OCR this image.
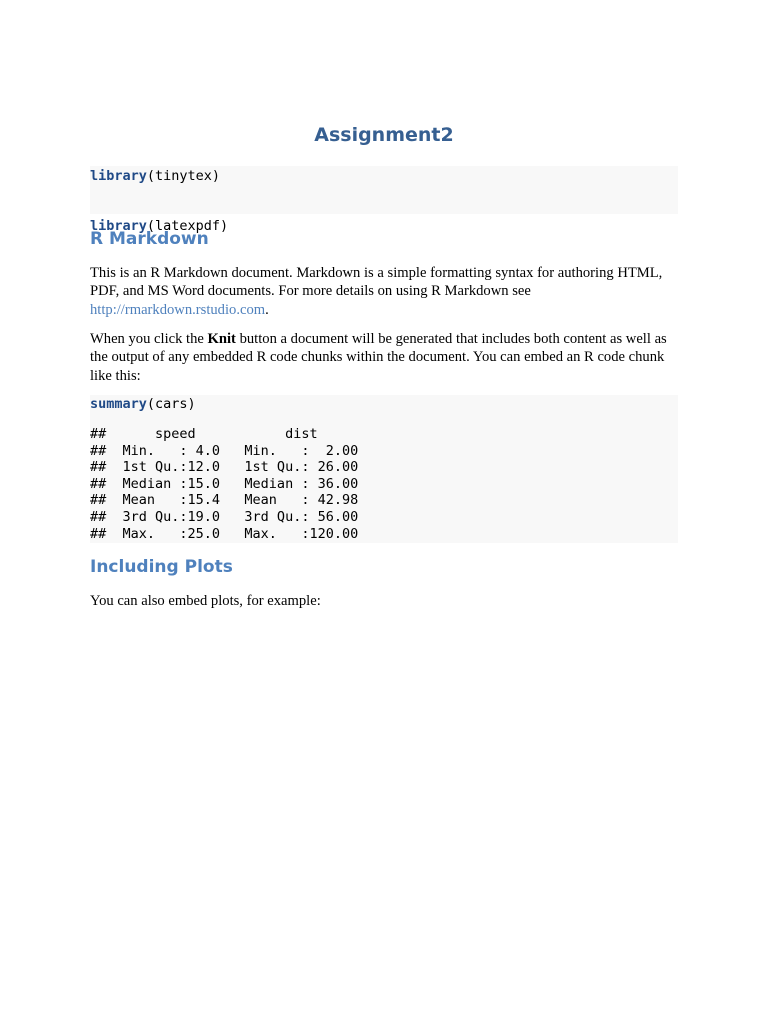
Assignment2
library(tinytex)

library(latexpdf)
R Markdown

This is an R Markdown document. Markdown is a simple formatting syntax for authoring HTML, PDF, and MS Word documents. For more details on using R Markdown see http://rmarkdown.rstudio.com.

When you click the Knit button a document will be generated that includes both content as well as the output of any embedded R code chunks within the document. You can embed an R code chunk like this:

summary(cars)
##      speed           dist
##  Min.   : 4.0   Min.   :  2.00
##  1st Qu.:12.0   1st Qu.: 26.00
##  Median :15.0   Median : 36.00
##  Mean   :15.4   Mean   : 42.98
##  3rd Qu.:19.0   3rd Qu.: 56.00
##  Max.   :25.0   Max.   :120.00
Including Plots

You can also embed plots, for example:
